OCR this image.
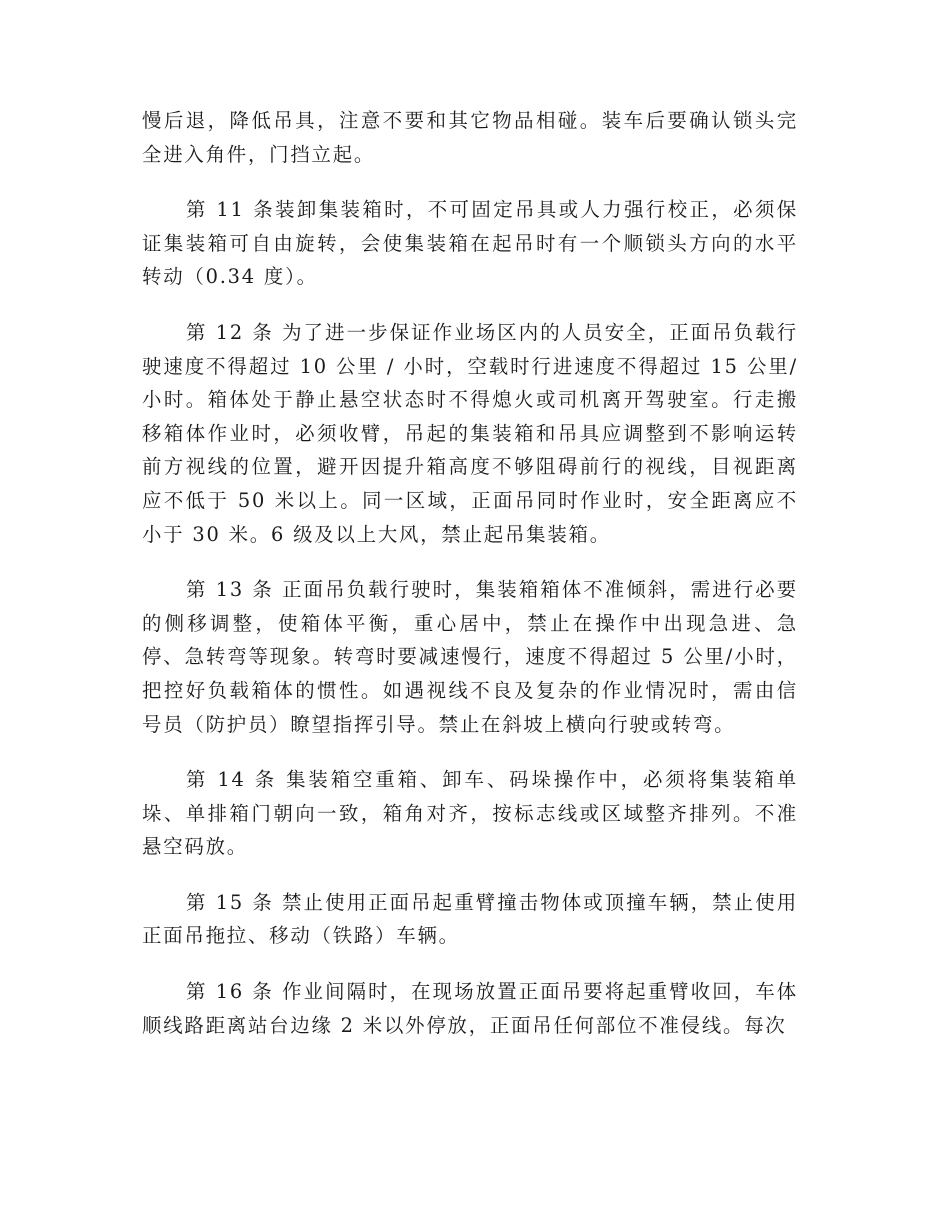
慢后退，降低吊具，注意不要和其它物品相碰。装车后要确认锁头完全进入角件，门挡立起。

第 11 条装卸集装箱时，不可固定吊具或人力强行校正，必须保证集装箱可自由旋转，会使集装箱在起吊时有一个顺锁头方向的水平转动（0.34 度）。

第 12 条 为了进一步保证作业场区内的人员安全，正面吊负载行驶速度不得超过 10 公里 / 小时，空载时行进速度不得超过 15 公里/小时。箱体处于静止悬空状态时不得熄火或司机离开驾驶室。行走搬移箱体作业时，必须收臂，吊起的集装箱和吊具应调整到不影响运转前方视线的位置，避开因提升箱高度不够阻碍前行的视线，目视距离应不低于 50 米以上。同一区域，正面吊同时作业时，安全距离应不小于 30 米。6 级及以上大风，禁止起吊集装箱。

第 13 条 正面吊负载行驶时，集装箱箱体不准倾斜，需进行必要的侧移调整，使箱体平衡，重心居中，禁止在操作中出现急进、急停、急转弯等现象。转弯时要减速慢行，速度不得超过 5 公里/小时，把控好负载箱体的惯性。如遇视线不良及复杂的作业情况时，需由信号员（防护员）瞭望指挥引导。禁止在斜坡上横向行驶或转弯。

第 14 条 集装箱空重箱、卸车、码垛操作中，必须将集装箱单垛、单排箱门朝向一致，箱角对齐，按标志线或区域整齐排列。不准悬空码放。

第 15 条 禁止使用正面吊起重臂撞击物体或顶撞车辆，禁止使用正面吊拖拉、移动（铁路）车辆。

第 16 条 作业间隔时，在现场放置正面吊要将起重臂收回，车体顺线路距离站台边缘 2 米以外停放，正面吊任何部位不准侵线。每次
